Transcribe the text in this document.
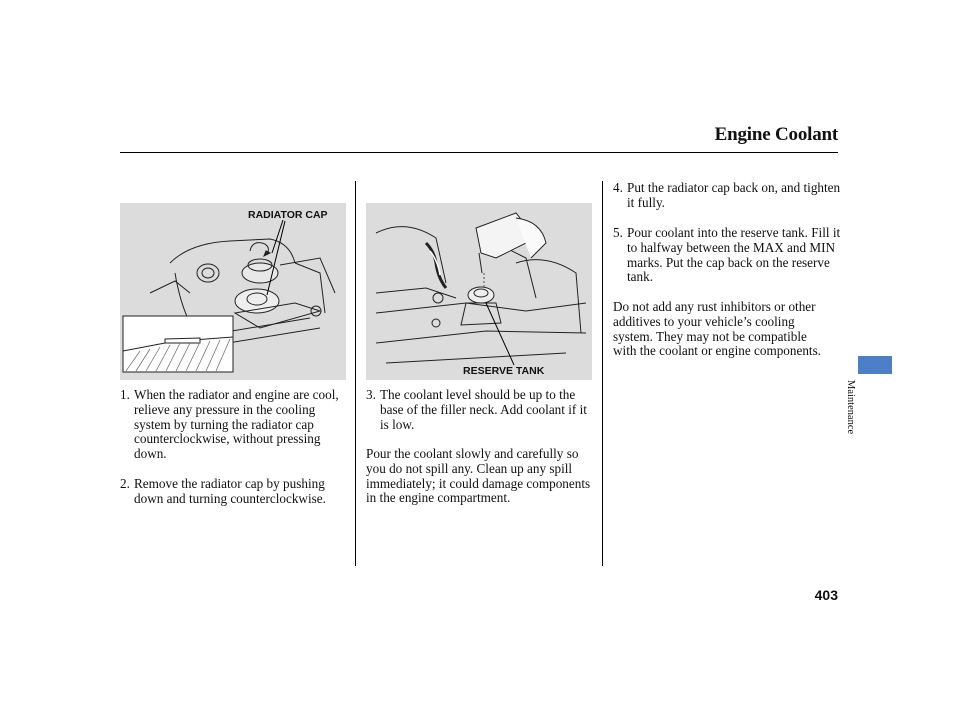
Engine Coolant
RADIATOR CAP
RESERVE TANK
1. When the radiator and engine are cool, relieve any pressure in the cooling system by turning the radiator cap counterclockwise, without pressing down.
2. Remove the radiator cap by pushing down and turning counterclockwise.
3. The coolant level should be up to the base of the filler neck. Add coolant if it is low.
Pour the coolant slowly and carefully so you do not spill any. Clean up any spill immediately; it could damage components in the engine compartment.
4. Put the radiator cap back on, and tighten it fully.
5. Pour coolant into the reserve tank. Fill it to halfway between the MAX and MIN marks. Put the cap back on the reserve tank.
Do not add any rust inhibitors or other additives to your vehicle’s cooling system. They may not be compatible with the coolant or engine components.
Maintenance
403
